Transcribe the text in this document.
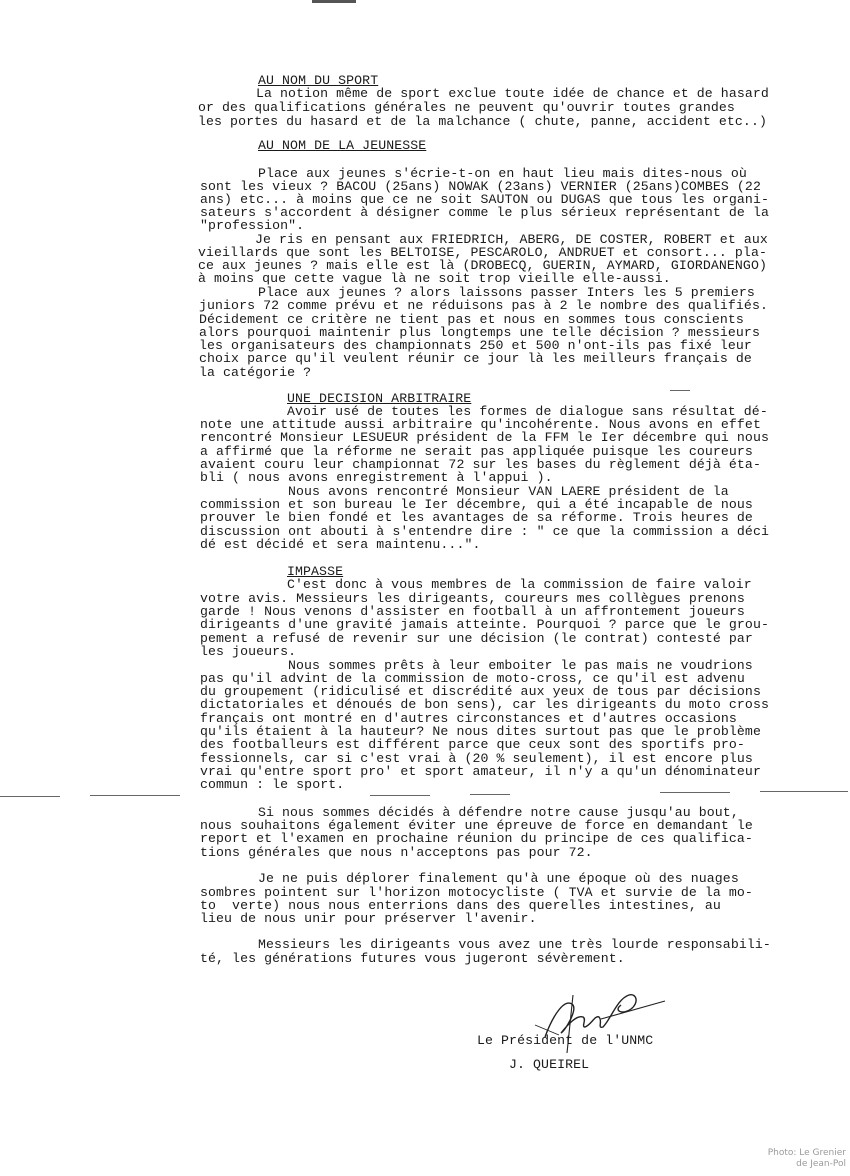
AU NOM DU SPORT
La notion même de sport exclue toute idée de chance et de hasard
or des qualifications générales ne peuvent qu'ouvrir toutes grandes
les portes du hasard et de la malchance ( chute, panne, accident etc..)
AU NOM DE LA JEUNESSE
Place aux jeunes s'écrie-t-on en haut lieu mais dites-nous où
sont les vieux ? BACOU (25ans) NOWAK (23ans) VERNIER (25ans)COMBES (22
ans) etc... à moins que ce ne soit SAUTON ou DUGAS que tous les organi-
sateurs s'accordent à désigner comme le plus sérieux représentant de la
"profession".
Je ris en pensant aux FRIEDRICH, ABERG, DE COSTER, ROBERT et aux
vieillards que sont les BELTOISE, PESCAROLO, ANDRUET et consort... pla-
ce aux jeunes ? mais elle est là (DROBECQ, GUERIN, AYMARD, GIORDANENGO)
à moins que cette vague là ne soit trop vieille elle-aussi.
Place aux jeunes ? alors laissons passer Inters les 5 premiers
juniors 72 comme prévu et ne réduisons pas à 2 le nombre des qualifiés.
Décidement ce critère ne tient pas et nous en sommes tous conscients
alors pourquoi maintenir plus longtemps une telle décision ? messieurs
les organisateurs des championnats 250 et 500 n'ont-ils pas fixé leur
choix parce qu'il veulent réunir ce jour là les meilleurs français de
la catégorie ?
UNE DECISION ARBITRAIRE
Avoir usé de toutes les formes de dialogue sans résultat dé-
note une attitude aussi arbitraire qu'incohérente. Nous avons en effet
rencontré Monsieur LESUEUR président de la FFM le Ier décembre qui nous
a affirmé que la réforme ne serait pas appliquée puisque les coureurs
avaient couru leur championnat 72 sur les bases du règlement déjà éta-
bli ( nous avons enregistrement à l'appui ).
Nous avons rencontré Monsieur VAN LAERE président de la
commission et son bureau le Ier décembre, qui a été incapable de nous
prouver le bien fondé et les avantages de sa réforme. Trois heures de
discussion ont abouti à s'entendre dire : " ce que la commission a déci
dé est décidé et sera maintenu...".
IMPASSE
C'est donc à vous membres de la commission de faire valoir
votre avis. Messieurs les dirigeants, coureurs mes collègues prenons
garde ! Nous venons d'assister en football à un affrontement joueurs
dirigeants d'une gravité jamais atteinte. Pourquoi ? parce que le grou-
pement a refusé de revenir sur une décision (le contrat) contesté par
les joueurs.
Nous sommes prêts à leur emboiter le pas mais ne voudrions
pas qu'il advint de la commission de moto-cross, ce qu'il est advenu
du groupement (ridiculisé et discrédité aux yeux de tous par décisions
dictatoriales et dénoués de bon sens), car les dirigeants du moto cross
français ont montré en d'autres circonstances et d'autres occasions
qu'ils étaient à la hauteur? Ne nous dites surtout pas que le problème
des footballeurs est différent parce que ceux sont des sportifs pro-
fessionnels, car si c'est vrai à (20 % seulement), il est encore plus
vrai qu'entre sport pro' et sport amateur, il n'y a qu'un dénominateur
commun : le sport.
Si nous sommes décidés à défendre notre cause jusqu'au bout,
nous souhaitons également éviter une épreuve de force en demandant le
report et l'examen en prochaine réunion du principe de ces qualifica-
tions générales que nous n'acceptons pas pour 72.
Je ne puis déplorer finalement qu'à une époque où des nuages
sombres pointent sur l'horizon motocycliste ( TVA et survie de la mo-
to  verte) nous nous enterrions dans des querelles intestines, au
lieu de nous unir pour préserver l'avenir.
Messieurs les dirigeants vous avez une très lourde responsabili-
té, les générations futures vous jugeront sévèrement.
Le Président de l'UNMC
J. QUEIREL
Photo: Le Grenier
de Jean-Pol
